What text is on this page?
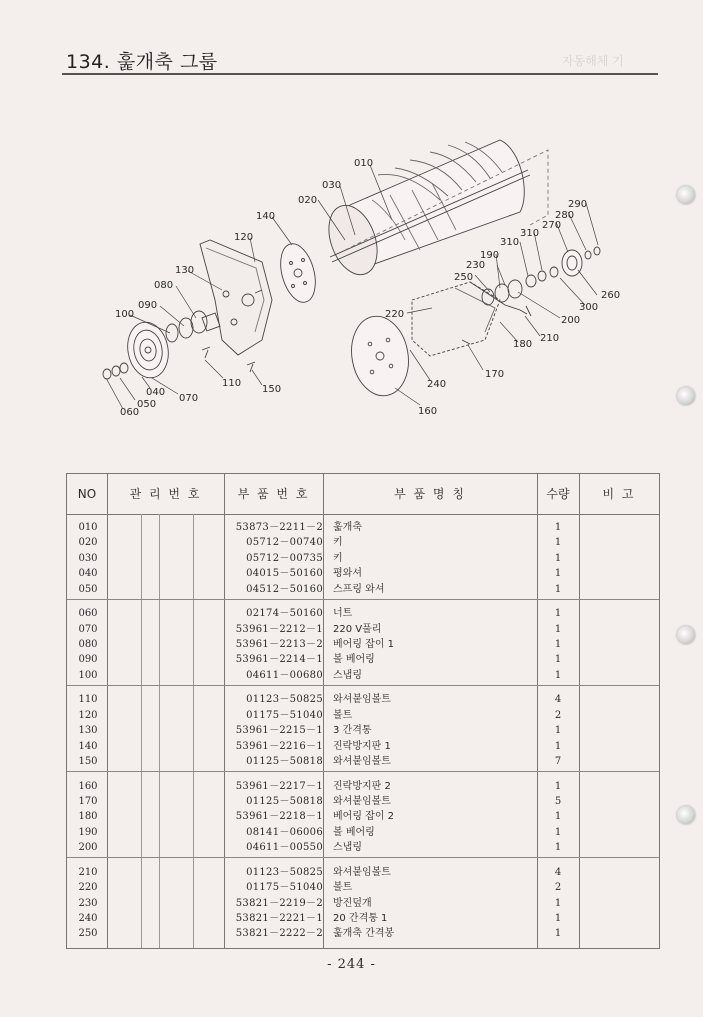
134. 훑개축 그룹	자동해체 기
010
030
020
140
120
130
080
090
100
110
150
040
070
050
060	160
240
170
220
180
210
200
250
230
190
310
310
270
280
290
300
260
NO	관 리 번 호	부 품 번 호	부 품 명 칭	수량	비 고
010	53873－2211－2 훑개축	1
020	05712－00740 키	1
030	05712－00735 키	1
040	04015－50160 평와셔	1
050	04512－50160 스프링 와셔	1
060	02174－50160 너트	1
070	53961－2212－1 220 V풀리	1
080	53961－2213－2 베어링 잡이 1	1
090	53961－2214－1 볼 베어링	1
100	04611－00680 스냅링	1
110	01123－50825 와셔붙임볼트	4
120	01175－51040 볼트	2
130	53961－2215－1 3 간격통	1
140	53961－2216－1 진락방지판 1	1
150	01125－50818 와셔붙임볼트	7
160	53961－2217－1 진락방지판 2	1
170	01125－50818 와셔붙임볼트	5
180	53961－2218－1 베어링 잡이 2	1
190	08141－06006 볼 베어링	1
200	04611－00550 스냅링	1
210	01123－50825 와셔붙임볼트	4
220	01175－51040 볼트	2
230	53821－2219－2 방진덮개	1
240	53821－2221－1 20 간격통 1	1
250	53821－2222－2 훑개축 간격봉	1
- 244 -
